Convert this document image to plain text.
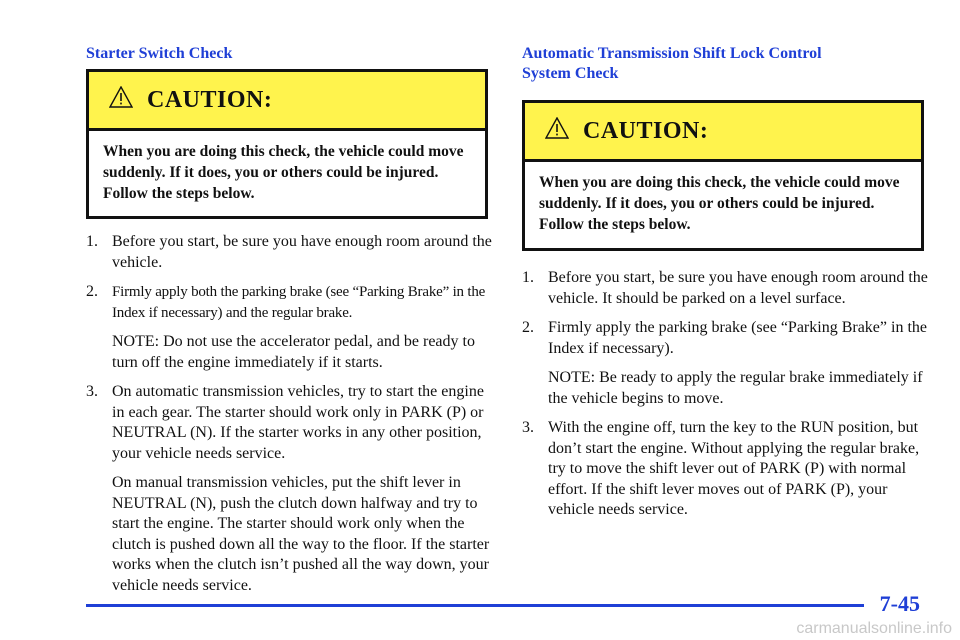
Starter Switch Check
CAUTION:
When you are doing this check, the vehicle could move suddenly. If it does, you or others could be injured. Follow the steps below.
1. Before you start, be sure you have enough room around the vehicle.
2. Firmly apply both the parking brake (see “Parking Brake” in the Index if necessary) and the regular brake.
NOTE: Do not use the accelerator pedal, and be ready to turn off the engine immediately if it starts.
3. On automatic transmission vehicles, try to start the engine in each gear. The starter should work only in PARK (P) or NEUTRAL (N). If the starter works in any other position, your vehicle needs service.
On manual transmission vehicles, put the shift lever in NEUTRAL (N), push the clutch down halfway and try to start the engine. The starter should work only when the clutch is pushed down all the way to the floor. If the starter works when the clutch isn’t pushed all the way down, your vehicle needs service.
Automatic Transmission Shift Lock Control
System Check
CAUTION:
When you are doing this check, the vehicle could move suddenly. If it does, you or others could be injured. Follow the steps below.
1. Before you start, be sure you have enough room around the vehicle. It should be parked on a level surface.
2. Firmly apply the parking brake (see “Parking Brake” in the Index if necessary).
NOTE: Be ready to apply the regular brake immediately if the vehicle begins to move.
3. With the engine off, turn the key to the RUN position, but don’t start the engine. Without applying the regular brake, try to move the shift lever out of PARK (P) with normal effort. If the shift lever moves out of PARK (P), your vehicle needs service.
7-45
carmanualsonline.info
